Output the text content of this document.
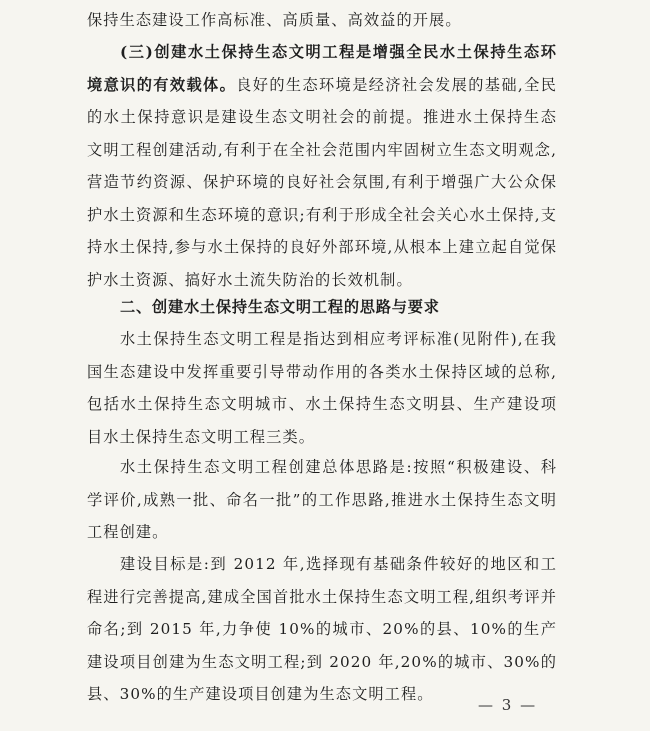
保持生态建设工作高标准、高质量、高效益的开展。

(三)创建水土保持生态文明工程是增强全民水土保持生态环境意识的有效载体。良好的生态环境是经济社会发展的基础,全民的水土保持意识是建设生态文明社会的前提。推进水土保持生态文明工程创建活动,有利于在全社会范围内牢固树立生态文明观念,营造节约资源、保护环境的良好社会氛围,有利于增强广大公众保护水土资源和生态环境的意识;有利于形成全社会关心水土保持,支持水土保持,参与水土保持的良好外部环境,从根本上建立起自觉保护水土资源、搞好水土流失防治的长效机制。

二、创建水土保持生态文明工程的思路与要求

水土保持生态文明工程是指达到相应考评标准(见附件),在我国生态建设中发挥重要引导带动作用的各类水土保持区域的总称,包括水土保持生态文明城市、水土保持生态文明县、生产建设项目水土保持生态文明工程三类。

水土保持生态文明工程创建总体思路是:按照“积极建设、科学评价,成熟一批、命名一批”的工作思路,推进水土保持生态文明工程创建。

建设目标是:到 2012 年,选择现有基础条件较好的地区和工程进行完善提高,建成全国首批水土保持生态文明工程,组织考评并命名;到 2015 年,力争使 10%的城市、20%的县、10%的生产建设项目创建为生态文明工程;到 2020 年,20%的城市、30%的县、30%的生产建设项目创建为生态文明工程。

— 3 —
